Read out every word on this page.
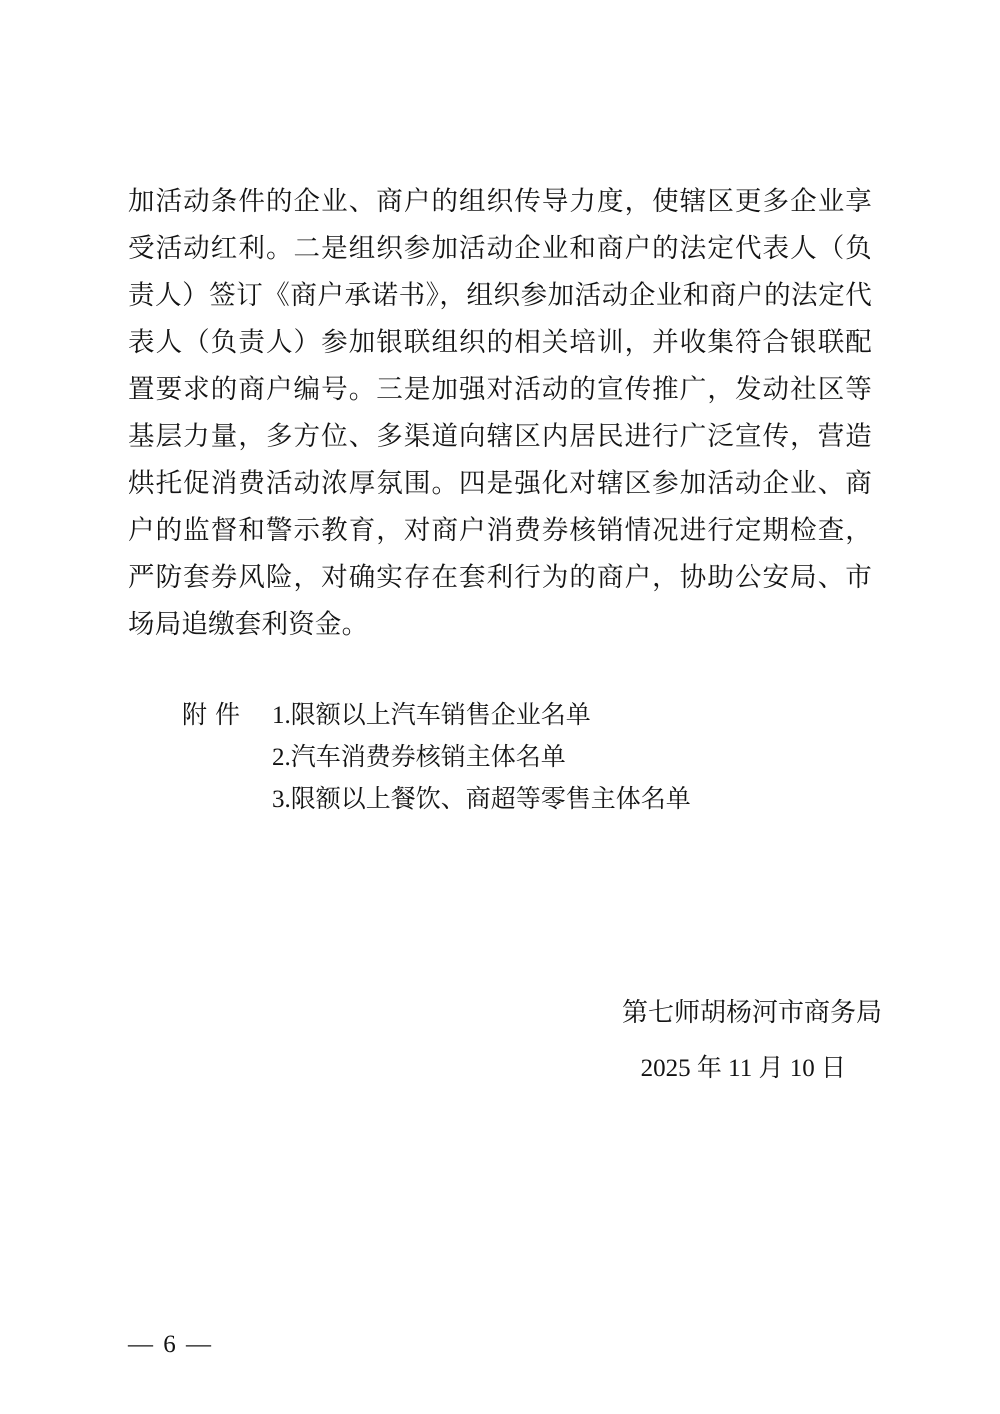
加活动条件的企业、商户的组织传导力度，使辖区更多企业享受活动红利。二是组织参加活动企业和商户的法定代表人（负责人）签订《商户承诺书》，组织参加活动企业和商户的法定代表人（负责人）参加银联组织的相关培训，并收集符合银联配置要求的商户编号。三是加强对活动的宣传推广，发动社区等基层力量，多方位、多渠道向辖区内居民进行广泛宣传，营造烘托促消费活动浓厚氛围。四是强化对辖区参加活动企业、商户的监督和警示教育，对商户消费券核销情况进行定期检查，严防套券风险，对确实存在套利行为的商户，协助公安局、市场局追缴套利资金。

附件 1.限额以上汽车销售企业名单
2.汽车消费券核销主体名单
3.限额以上餐饮、商超等零售主体名单
第七师胡杨河市商务局
2025 年 11 月 10 日
— 6 —
